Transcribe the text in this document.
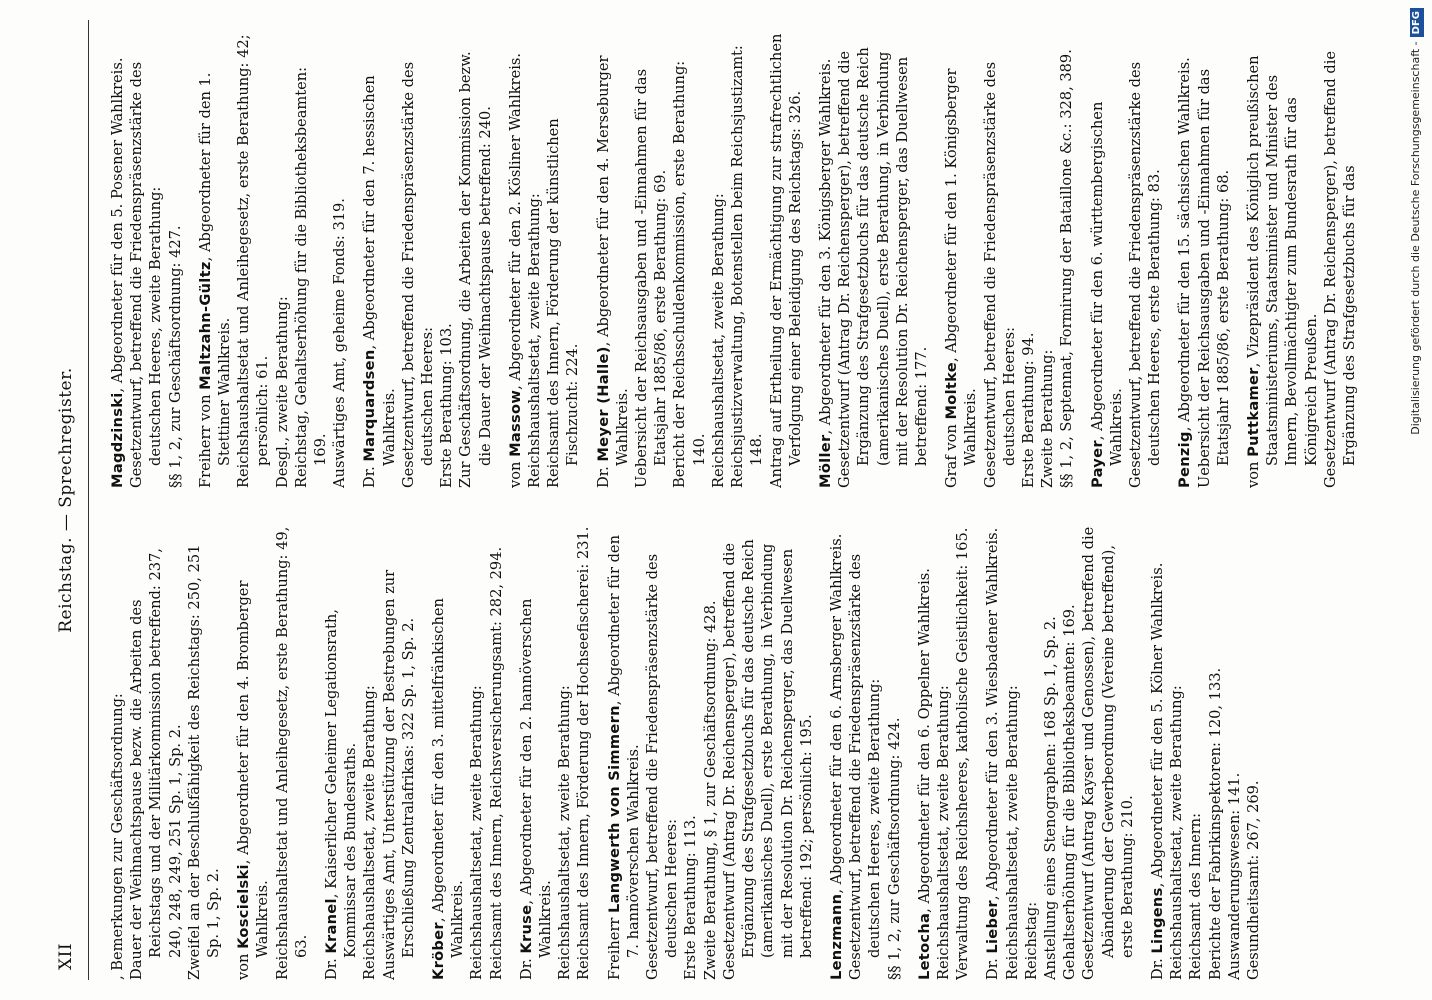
XII
Reichstag. — Sprechregister.
, Bemerkungen zur Geschäftsordnung: Dauer der Weihnachtspause bezw. die Arbeiten des Reichstags und der Militärkommission betreffend: 237, 240, 248, 249, 251 Sp. 1, Sp. 2. Zweifel an der Beschlußfähigkeit des Reichstags: 250, 251 Sp. 1, Sp. 2.
von Koscielski, Abgeordneter für den 4. Bromberger Wahlkreis. Reichshaushaltsetat und Anleihegesetz, erste Berathung: 49, 63.
Dr. Kranel, Kaiserlicher Geheimer Legationsrath, Kommissar des Bundesraths. Reichshaushaltsetat, zweite Berathung: Auswärtiges Amt, Unterstützung der Bestrebungen zur Erschließung Zentralafrikas: 322 Sp. 1, Sp. 2. Kröber, Abgeordneter für den 3. mittelfränkischen Wahlkreis. Reichshaushaltsetat, zweite Berathung: Reichsamt des Innern, Reichsversicherungsamt: 282, 294. Dr. Kruse, Abgeordneter für den 2. hannöverschen Wahlkreis. Reichshaushaltsetat, zweite Berathung: Reichsamt des Innern, Förderung der Hochseefischerei: 231. Freiherr Langwerth von Simmern, Abgeordneter für den 7. hannöverschen Wahlkreis. Gesetzentwurf, betreffend die Friedenspräsenzstärke des deutschen Heeres: Erste Berathung: 113. Zweite Berathung, § 1, zur Geschäftsordnung: 428. Gesetzentwurf (Antrag Dr. Reichensperger), betreffend die Ergänzung des Strafgesetzbuchs für das deutsche Reich (amerikanisches Duell), erste Berathung, in Verbindung mit der Resolution Dr. Reichensperger, das Duellwesen betreffend: 192; persönlich: 195. Lenzmann, Abgeordneter für den 6. Arnsberger Wahlkreis. Gesetzentwurf, betreffend die Friedenspräsenzstärke des deutschen Heeres, zweite Berathung: §§ 1, 2, zur Geschäftsordnung: 424. Letocha, Abgeordneter für den 6. Oppelner Wahlkreis. Reichshaushaltsetat, zweite Berathung: Verwaltung des Reichsheeres, katholische Geistlichkeit: 165. Dr. Lieber, Abgeordneter für den 3. Wiesbadener Wahlkreis. Reichshaushaltsetat, zweite Berathung: Reichstag: Anstellung eines Stenographen: 168 Sp. 1, Sp. 2. Gehaltserhöhung für die Bibliotheksbeamten: 169. Gesetzentwurf (Antrag Kayser und Genossen), betreffend die Abänderung der Gewerbeordnung (Vereine betreffend), erste Berathung: 210.
Dr. Lingens, Abgeordneter für den 5. Kölner Wahlkreis. Reichshaushaltsetat, zweite Berathung: Reichsamt des Innern: Berichte der Fabrikinspektoren: 120, 133. Auswanderungswesen: 141. Gesundheitsamt: 267, 269.
Magdzinski, Abgeordneter für den 5. Posener Wahlkreis. Gesetzentwurf, betreffend die Friedenspräsenzstärke des deutschen Heeres, zweite Berathung: §§ 1, 2, zur Geschäftsordnung: 427. Freiherr von Maltzahn-Gültz, Abgeordneter für den 1. Stettiner Wahlkreis. Reichshaushaltsetat und Anleihegesetz, erste Berathung: 42; persönlich: 61. Desgl., zweite Berathung: Reichstag, Gehaltserhöhung für die Bibliotheksbeamten: 169. Auswärtiges Amt, geheime Fonds: 319. Dr. Marquardsen, Abgeordneter für den 7. hessischen Wahlkreis. Gesetzentwurf, betreffend die Friedenspräsenzstärke des deutschen Heeres: Erste Berathung: 103. Zur Geschäftsordnung, die Arbeiten der Kommission bezw. die Dauer der Weihnachtspause betreffend: 240.
von Massow, Abgeordneter für den 2. Kösliner Wahlkreis. Reichshaushaltsetat, zweite Berathung: Reichsamt des Innern, Förderung der künstlichen Fischzucht: 224.
Dr. Meyer (Halle), Abgeordneter für den 4. Merseburger Wahlkreis. Uebersicht der Reichsausgaben und -Einnahmen für das Etatsjahr 1885/86, erste Berathung: 69. Bericht der Reichsschuldenkommission, erste Berathung: 140. Reichshaushaltsetat, zweite Berathung: Reichsjustizverwaltung, Botenstellen beim Reichsjustizamt: 148. Antrag auf Ertheilung der Ermächtigung zur strafrechtlichen Verfolgung einer Beleidigung des Reichstags: 326. Möller, Abgeordneter für den 3. Königsberger Wahlkreis. Gesetzentwurf (Antrag Dr. Reichensperger), betreffend die Ergänzung des Strafgesetzbuchs für das deutsche Reich (amerikanisches Duell), erste Berathung, in Verbindung mit der Resolution Dr. Reichensperger, das Duellwesen betreffend: 177. Graf von Moltke, Abgeordneter für den 1. Königsberger Wahlkreis. Gesetzentwurf, betreffend die Friedenspräsenzstärke des deutschen Heeres: Erste Berathung: 94. Zweite Berathung: §§ 1, 2, Septennat, Formirung der Bataillone &c.: 328, 389. Payer, Abgeordneter für den 6. württembergischen Wahlkreis. Gesetzentwurf, betreffend die Friedenspräsenzstärke des deutschen Heeres, erste Berathung: 83. Penzig, Abgeordneter für den 15. sächsischen Wahlkreis. Uebersicht der Reichsausgaben und -Einnahmen für das Etatsjahr 1885/86, erste Berathung: 68.
von Puttkamer, Vizepräsident des Königlich preußischen Staatsministeriums, Staatsminister und Minister des Innern, Bevollmächtigter zum Bundesrath für das Königreich Preußen. Gesetzentwurf (Antrag Dr. Reichensperger), betreffend die Ergänzung des Strafgesetzbuchs für das	Digitalisierung gefördert durch die Deutsche Forschungsgemeinschaft -DFG
